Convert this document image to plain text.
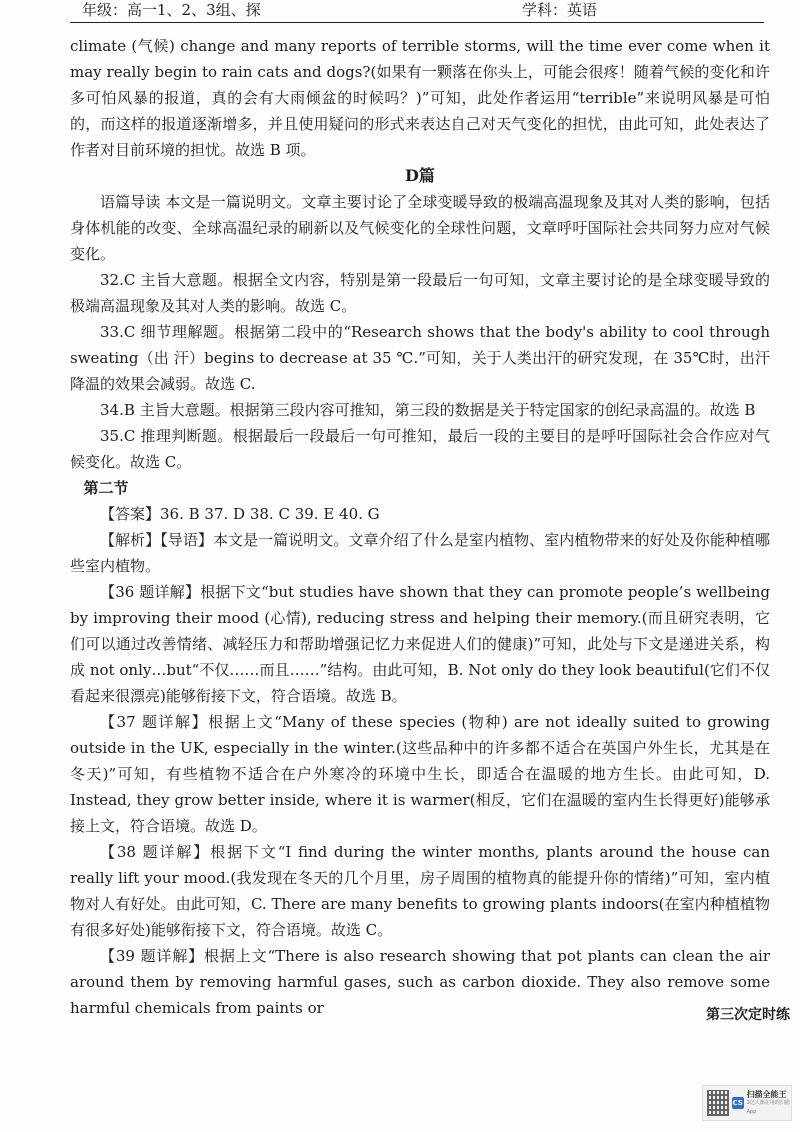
年级：高一1、2、3组、探	学科：英语

climate (气候) change and many reports of terrible storms, will the time ever come when it may really begin to rain cats and dogs?(如果有一颗落在你头上，可能会很疼！随着气候的变化和许多可怕风暴的报道，真的会有大雨倾盆的时候吗？)”可知，此处作者运用“terrible”来说明风暴是可怕的，而这样的报道逐渐增多，并且使用疑问的形式来表达自己对天气变化的担忧，由此可知，此处表达了作者对目前环境的担忧。故选 B 项。

D篇

语篇导读 本文是一篇说明文。文章主要讨论了全球变暖导致的极端高温现象及其对人类的影响，包括身体机能的改变、全球高温纪录的刷新以及气候变化的全球性问题，文章呼吁国际社会共同努力应对气候变化。

32.C 主旨大意题。根据全文内容，特别是第一段最后一句可知，文章主要讨论的是全球变暖导致的极端高温现象及其对人类的影响。故选 C。

33.C 细节理解题。根据第二段中的“Research shows that the body's ability to cool through sweating（出 汗）begins to decrease at 35 ℃.”可知，关于人类出汗的研究发现，在 35℃时，出汗降温的效果会减弱。故选 C.

34.B 主旨大意题。根据第三段内容可推知，第三段的数据是关于特定国家的创纪录高温的。故选 B

35.C 推理判断题。根据最后一段最后一句可推知，最后一段的主要目的是呼吁国际社会合作应对气候变化。故选 C。

第二节

【答案】36. B 37. D 38. C 39. E 40. G

【解析】【导语】本文是一篇说明文。文章介绍了什么是室内植物、室内植物带来的好处及你能种植哪些室内植物。

【36 题详解】根据下文“but studies have shown that they can promote people’s wellbeing by improving their mood (心情), reducing stress and helping their memory.(而且研究表明，它们可以通过改善情绪、减轻压力和帮助增强记忆力来促进人们的健康)”可知，此处与下文是递进关系，构成 not only…but“不仅……而且……”结构。由此可知，B. Not only do they look beautiful(它们不仅看起来很漂亮)能够衔接下文，符合语境。故选 B。

【37 题详解】根据上文“Many of these species (物种) are not ideally suited to growing outside in the UK, especially in the winter.(这些品种中的许多都不适合在英国户外生长，尤其是在冬天)”可知，有些植物不适合在户外寒冷的环境中生长，即适合在温暖的地方生长。由此可知，D. Instead, they grow better inside, where it is warmer(相反，它们在温暖的室内生长得更好)能够承接上文，符合语境。故选 D。

【38 题详解】根据下文“I find during the winter months, plants around the house can really lift your mood.(我发现在冬天的几个月里，房子周围的植物真的能提升你的情绪)”可知，室内植物对人有好处。由此可知，C. There are many benefits to growing plants indoors(在室内种植植物有很多好处)能够衔接下文，符合语境。故选 C。

【39 题详解】根据上文“There is also research showing that pot plants can clean the air around them by removing harmful gases, such as carbon dioxide. They also remove some harmful chemicals from paints or	第三次定时练
CS
扫描全能王
3亿人都在用的扫描App
